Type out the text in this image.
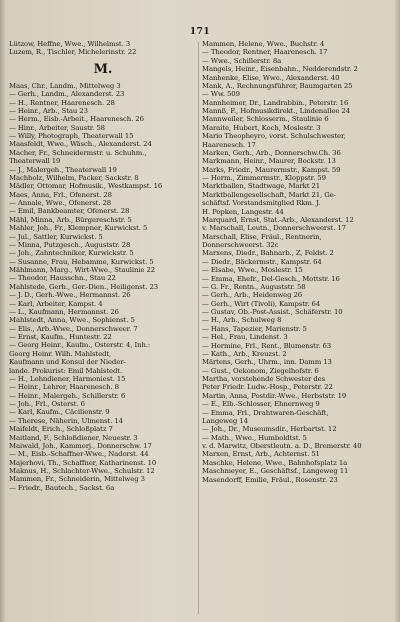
171
Lützow, Heffne, Wwe., Wilhelmst. 3
Luzem, R., Tischler, Michelerinstr. 22
M.
Maas, Chr., Landm., Mittelweg 3
— Gerh., Landm., Alexanderst. 23
— H., Rentner, Haarenesch. 28
— Heinr., Arb., Stau 23
— Herm., Eisb.-Arbeit., Haarenesch. 26
— Hinr., Arbeiter, Saustr. 58
— Willy, Photograph, Theaterwall 15
Maasfeldt, Wwe., Wäsch., Alexanderst. 24
Macher, Fr., Schneidermstr. u. Schuhm.,
Theaterwall 19
— J., Malergeh., Theaterwall 19
Machholz, Wilhelm, Packer, Sackstr. 8
Mädler, Ottomar, Hofmusik., Westkampst. 16
Maes, Anna, Frl., Ofenerst. 28
— Annale, Wwe., Ofenerst. 28
— Emil, Bankbeamter, Ofenerst. 28
Mähl, Minna, Arb., Bürgereschstr. 5
Mahler, Joh., Fr., Klempner, Kurwickst. 5
— Jul., Sattler, Kurwickst. 5
— Minna, Putzgesch., Auguststr. 28
— Joh., Zahntechniker, Kurwickstr. 5
— Susanne, Frau, Hebamme, Kurwickst. 5
Mählmann, Marg., Wirt-Wwe., Staulinie 22
— Theodor, Hausschn., Stau 22
Mahlstede, Gerh., Ger.-Dien., Heiligenst. 23
— J. D., Gerh.-Wwe., Hermannst. 26
— Karl, Arbeiter, Kampst. 4
— L., Kaufmann, Hermannst. 26
Mahlstedt, Anna, Wwe., Sophienst. 5
— Elis., Arb.-Wwe., Donnerschweer. 7
— Ernst, Kaufm., Huntestr. 22
— Georg Heinr., Kaufm., Osterstr. 4, Inh.:
Georg Heinr. Wilh. Mahlstedt,
Kaufmann und Konsul der Nieder-
lande. Prokurist: Emil Mahlstedt.
— H., Lohndiener, Harmoniest. 15
— Heinr., Lehrer, Haarenesch. 8
— Heinr., Malergeh., Schillerstr. 6
— Joh., Frl., Osterst. 6
— Karl, Kaufm., Cäcilienstr. 9
— Therese, Näherin, Ulmenst. 14
Maifeldt, Erich., Schloßplatz 7
Maitland, F., Schloßdiener, Neuestr. 3
Maiwald, Joh., Kammerj., Donnerschw. 17
— M., Eisb.-Schaffner-Wwe., Nadorst. 44
Majerhovi, Th., Schaffner, Katharinenst. 10
Maknus, H., Schlachter-Wwe., Schulstr. 12
Mammen, Fr., Schneiderin, Mittelweg 3
— Friedr., Bautech., Sackst. 6a
Mammen, Helene, Wwe., Buchstr. 4
— Theodor, Rentner, Haarenesch. 17
— Wwe., Schillerstr. 8a
Mangels, Heinr., Eisenbahn., Nedderendstr. 2
Manhenke, Elise, Wwe., Alexanderst. 40
Mank, A., Rechnungsführer, Baumgarten 25
— Ww. 509
Mannheimer, Dr., Landrabbin., Peterstr. 16
Mannß, F., Hofmusikdirekt., Lindenallee 24
Mannweiler, Schlosserm., Staulinie 6
Maraite, Hubert, Koch, Moslestr. 3
Mario Theopheyro, vorst. Schulschwester,
Haarenesch. 17
Marken, Gerh., Arb., Donnerschw.Ch. 36
Markmann, Heinr., Maurer, Bockstr. 13
Marks, Friedr., Maurermstr., Kampst. 59
— Herm., Zimmermstr., Kloppstr. 59
Marktballen, Stadtwage, Markt 21
Marktballengesellschaft, Markt 21, Ge-
schäftsf. Vorstandsmitglied Rkm. J.
H. Popken, Langestr. 44
Marquard, Ernst, Stat.-Arb., Alexanderst. 12
v. Marschall, Leutn., Donnerschweerst. 17
Marschall, Elise, Fräul., Rentnerin,
Donnerschweerst. 32c
Marxens, Diedr., Bahnarb., Z, Feldst. 2
— Diedr., Bäckermstr., Kampstr. 64
— Elsabe, Wwe., Moslestr. 15
— Emma, Ehefr., Del-Gesch., Mottstr. 16
— G. Fr., Rentn., Auguststr. 58
— Gerh., Arb., Heidenweg 26
— Gerh., Wirt (Tivoli), Kampstr. 64
— Gustav, Ob.-Post-Assist., Schäferstr. 10
— H., Arb., Schulweg 8
— Hans, Tapezier, Marienstr. 5
— Hel., Frau, Lindenst. 3
— Hermine, Frl., Rent., Blumenstr. 63
— Kath., Arb., Kreuzst. 2
Märtens, Gerh., Uhrm., inn. Damm 13
— Gust., Oekonom, Ziegelhofstr. 6
Martha, vorstehende Schwester des
Peter Friedr. Ludw.-Hosp., Peterstr. 22
Martin, Anna, Postdir.-Wwe., Herbststr. 19
— E., Elb.-Schlosser, Ehnernweg 9
— Emma, Frl., Drahtwaren-Geschäft,
Langeweg 14
— Joh., Dr., Museumsdir., Herbartst. 12
— Math., Wwe., Humboldtst. 5
v. d. Marwitz, Oberstleutn. a. D., Bremerstr. 40
Marxen, Ernst, Arb., Achternst. 51
Maschke, Helene, Wwe., Bahnhofsplatz 1a
Maschmeyer, E., Geschäftsf., Langeweg 11
Masendorff, Emilie, Fräul., Rosenstr. 23
